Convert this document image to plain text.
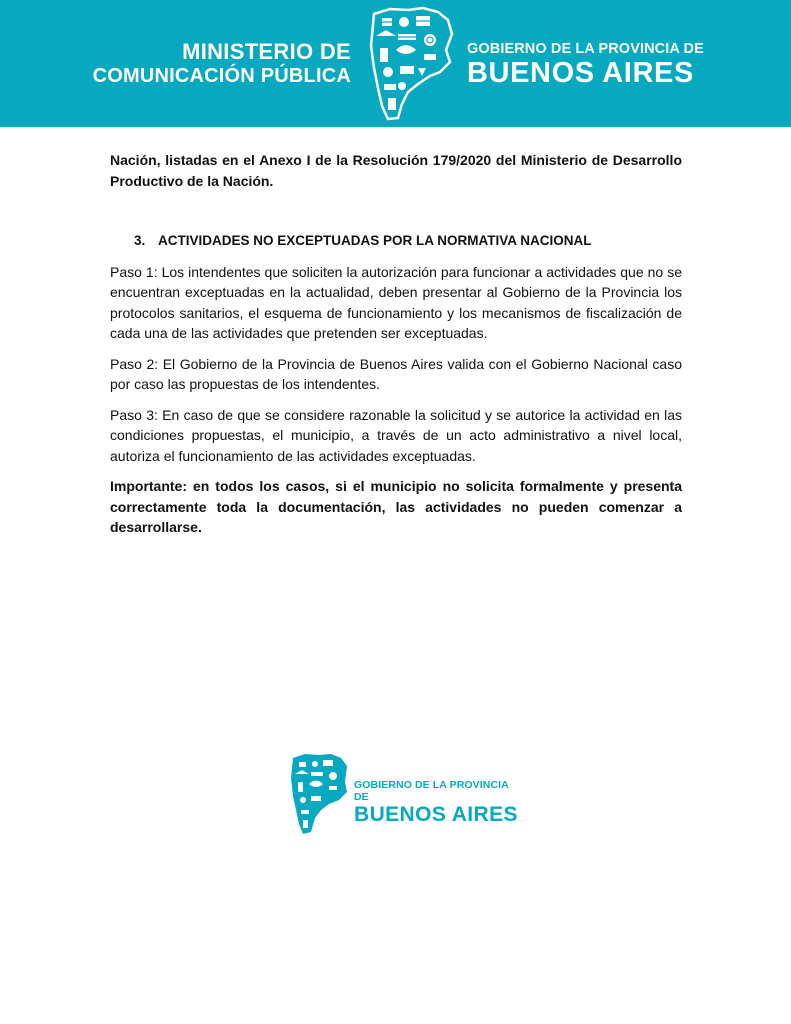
MINISTERIO DE
COMUNICACIÓN PÚBLICA
GOBIERNO DE LA PROVINCIA DE
BUENOS AIRES

Nación, listadas en el Anexo I de la Resolución 179/2020 del Ministerio de Desarrollo Productivo de la Nación.

3. ACTIVIDADES NO EXCEPTUADAS POR LA NORMATIVA NACIONAL

Paso 1: Los intendentes que soliciten la autorización para funcionar a actividades que no se encuentran exceptuadas en la actualidad, deben presentar al Gobierno de la Provincia los protocolos sanitarios, el esquema de funcionamiento y los mecanismos de fiscalización de cada una de las actividades que pretenden ser exceptuadas.

Paso 2: El Gobierno de la Provincia de Buenos Aires valida con el Gobierno Nacional caso por caso las propuestas de los intendentes.

Paso 3: En caso de que se considere razonable la solicitud y se autorice la actividad en las condiciones propuestas, el municipio, a través de un acto administrativo a nivel local, autoriza el funcionamiento de las actividades exceptuadas.

Importante: en todos los casos, si el municipio no solicita formalmente y presenta correctamente toda la documentación, las actividades no pueden comenzar a desarrollarse.

GOBIERNO DE LA PROVINCIA DE
BUENOS AIRES
